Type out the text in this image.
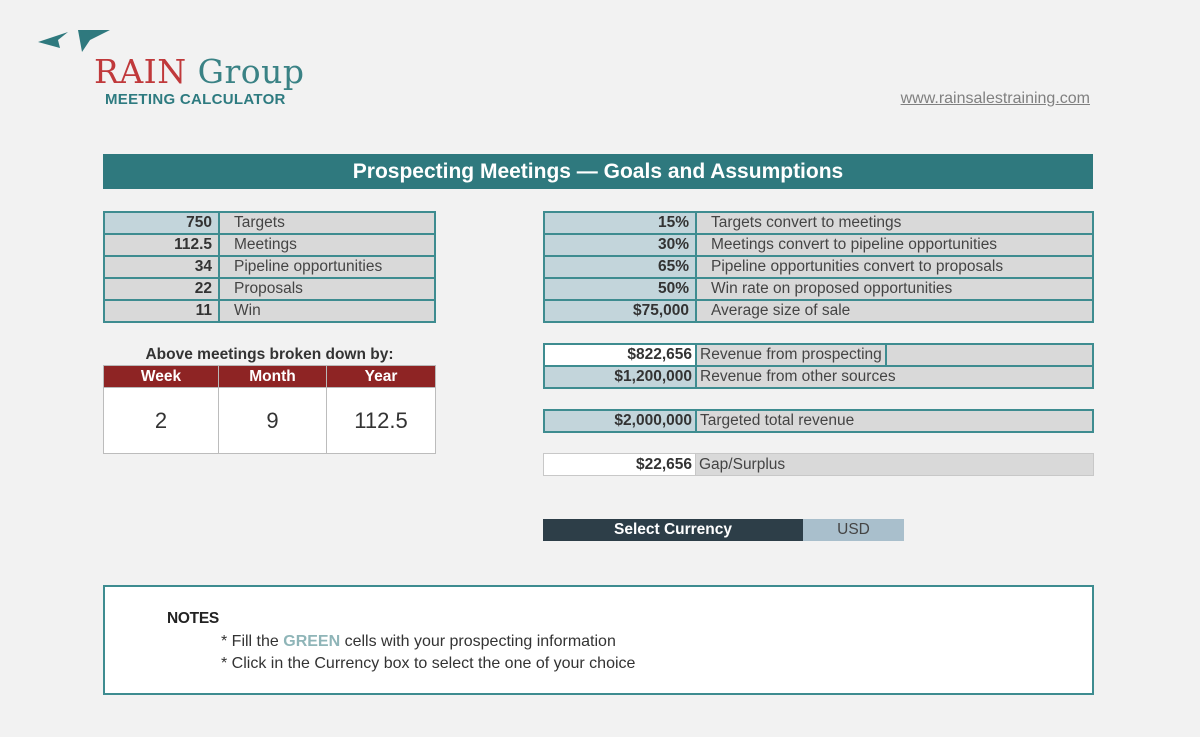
RAIN Group
MEETING CALCULATOR	www.rainsalestraining.com
Prospecting Meetings — Goals and Assumptions
750	Targets
112.5	Meetings
34	Pipeline opportunities
22	Proposals
11	Win
15%	Targets convert to meetings
30%	Meetings convert to pipeline opportunities
65%	Pipeline opportunities convert to proposals
50%	Win rate on proposed opportunities
$75,000	Average size of sale
Above meetings broken down by:
Week	Month	Year
2	9	112.5
$822,656	Revenue from prospecting	
$1,200,000	Revenue from other sources	
$2,000,000	Targeted total revenue
$22,656	Gap/Surplus
Select Currency	USD
NOTES
* Fill the GREEN cells with your prospecting information
* Click in the Currency box to select the one of your choice
